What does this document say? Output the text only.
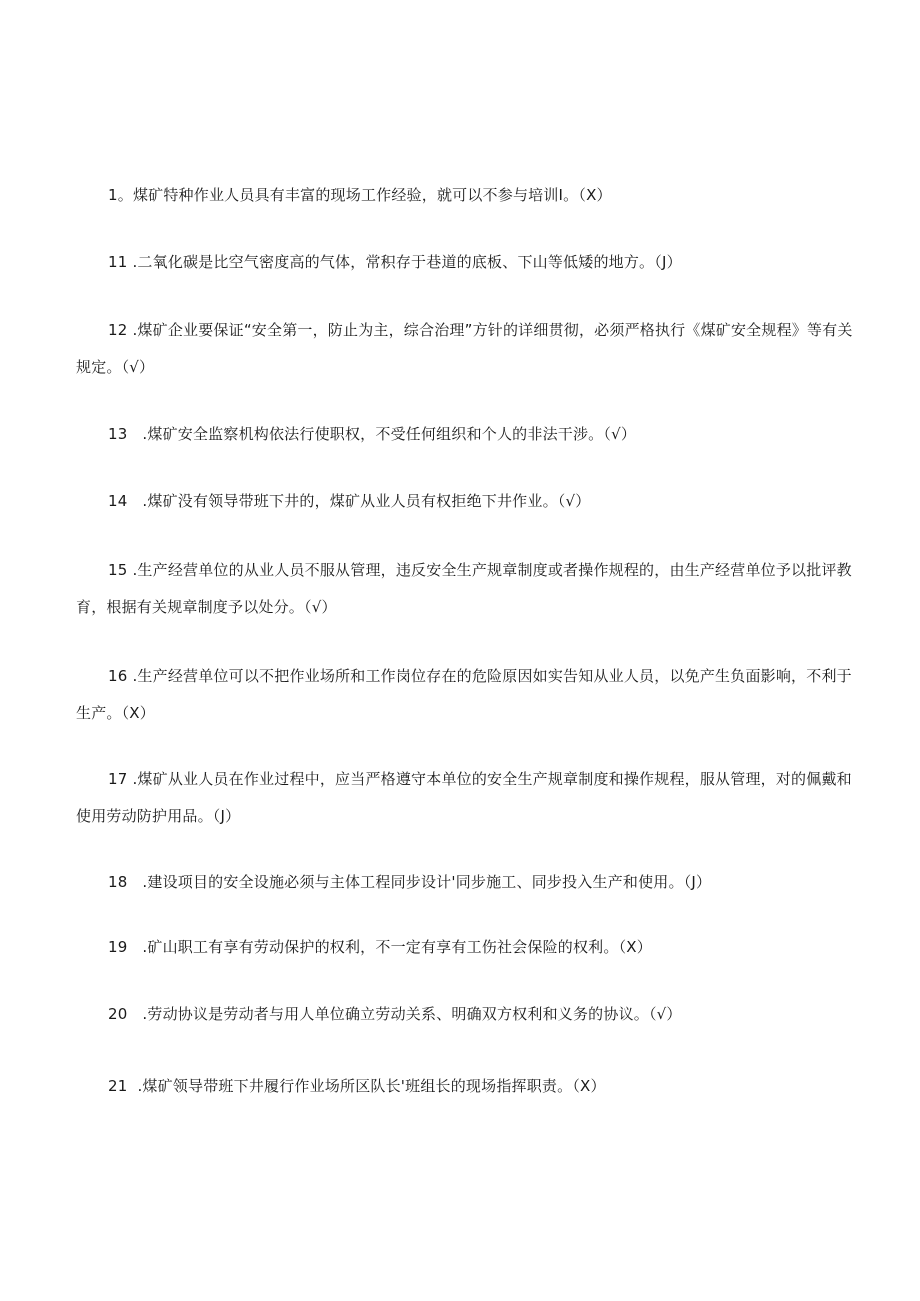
1。煤矿特种作业人员具有丰富的现场工作经验，就可以不参与培训I。（X）
11 .二氧化碳是比空气密度高的气体，常积存于巷道的底板、下山等低矮的地方。（J）
12 .煤矿企业要保证“安全第一，防止为主，综合治理”方针的详细贯彻，必须严格执行《煤矿安全规程》等有关规定。（√）
13 .煤矿安全监察机构依法行使职权，不受任何组织和个人的非法干涉。（√）
14 .煤矿没有领导带班下井的，煤矿从业人员有权拒绝下井作业。（√）
15 .生产经营单位的从业人员不服从管理，违反安全生产规章制度或者操作规程的，由生产经营单位予以批评教育，根据有关规章制度予以处分。（√）
16 .生产经营单位可以不把作业场所和工作岗位存在的危险原因如实告知从业人员，以免产生负面影响，不利于生产。（X）
17 .煤矿从业人员在作业过程中，应当严格遵守本单位的安全生产规章制度和操作规程，服从管理，对的佩戴和使用劳动防护用品。（J）
18 .建设项目的安全设施必须与主体工程同步设计'同步施工、同步投入生产和使用。（J）
19 .矿山职工有享有劳动保护的权利，不一定有享有工伤社会保险的权利。（X）
20 .劳动协议是劳动者与用人单位确立劳动关系、明确双方权利和义务的协议。（√）
21 .煤矿领导带班下井履行作业场所区队长'班组长的现场指挥职责。（X）
